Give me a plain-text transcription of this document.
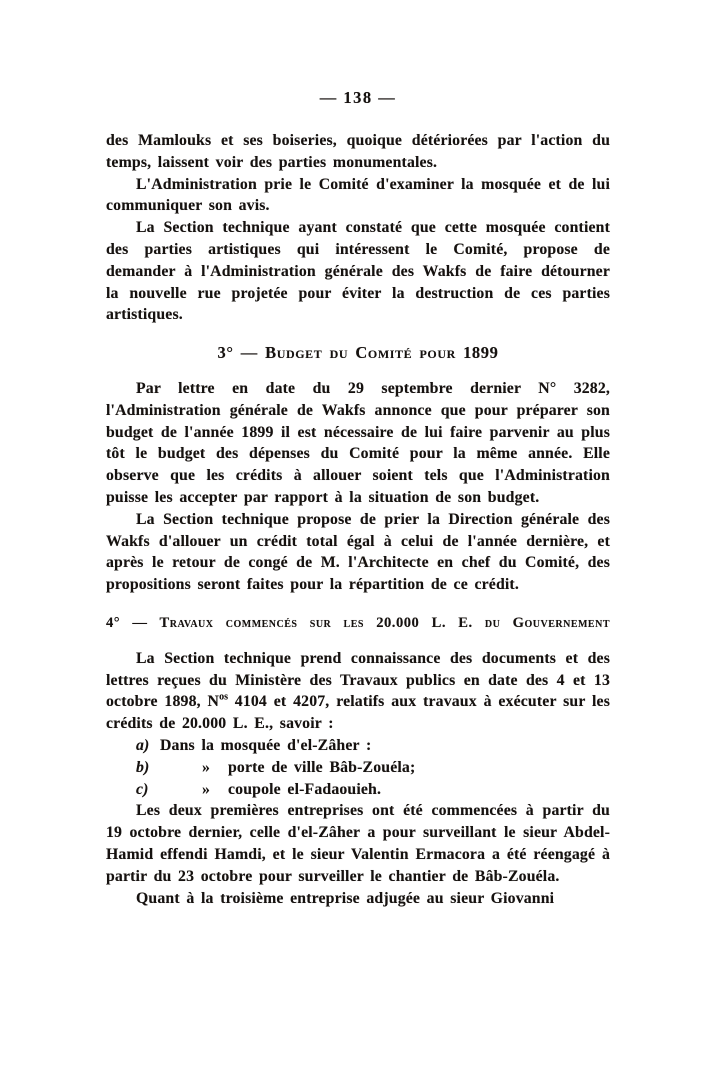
— 138 —

des Mamlouks et ses boiseries, quoique détériorées par l'action du temps, laissent voir des parties monumentales.

L'Administration prie le Comité d'examiner la mosquée et de lui communiquer son avis.

La Section technique ayant constaté que cette mosquée contient des parties artistiques qui intéressent le Comité, propose de demander à l'Administration générale des Wakfs de faire détourner la nouvelle rue projetée pour éviter la destruction de ces parties artistiques.

3° — Budget du Comité pour 1899

Par lettre en date du 29 septembre dernier N° 3282, l'Administration générale de Wakfs annonce que pour préparer son budget de l'année 1899 il est nécessaire de lui faire parvenir au plus tôt le budget des dépenses du Comité pour la même année. Elle observe que les crédits à allouer soient tels que l'Administration puisse les accepter par rapport à la situation de son budget.

La Section technique propose de prier la Direction générale des Wakfs d'allouer un crédit total égal à celui de l'année dernière, et après le retour de congé de M. l'Architecte en chef du Comité, des propositions seront faites pour la répartition de ce crédit.

4° — Travaux commencés sur les 20.000 L. E. du Gouvernement

La Section technique prend connaissance des documents et des lettres reçues du Ministère des Travaux publics en date des 4 et 13 octobre 1898, $N^{os}$ 4104 et 4207, relatifs aux travaux à exécuter sur les crédits de 20.000 L. E., savoir :

a) Dans la mosquée d'el-Zâher :

b)	» porte de ville Bâb-Zouéla;

c)	» coupole el-Fadaouieh.

Les deux premières entreprises ont été commencées à partir du 19 octobre dernier, celle d'el-Zâher a pour surveillant le sieur Abdel-Hamid effendi Hamdi, et le sieur Valentin Ermacora a été réengagé à partir du 23 octobre pour surveiller le chantier de Bâb-Zouéla.

Quant à la troisième entreprise adjugée au sieur Giovanni
